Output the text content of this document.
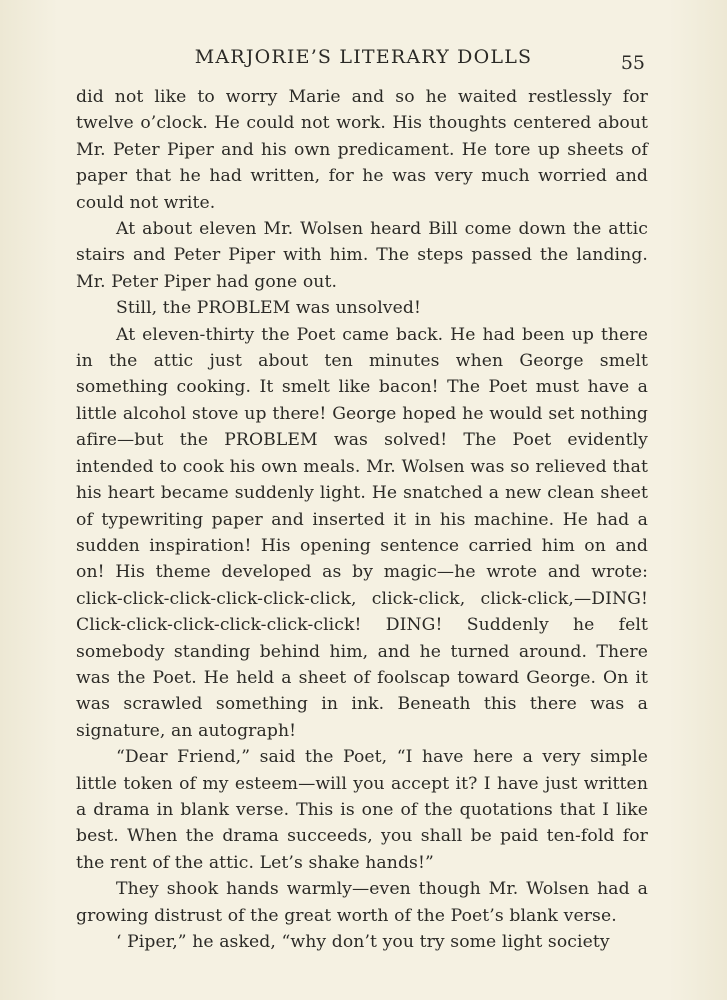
MARJORIE’S LITERARY DOLLS	55

did not like to worry Marie and so he waited restlessly for twelve o’clock. He could not work. His thoughts centered about Mr. Peter Piper and his own predicament. He tore up sheets of paper that he had written, for he was very much worried and could not write.

At about eleven Mr. Wolsen heard Bill come down the attic stairs and Peter Piper with him. The steps passed the landing. Mr. Peter Piper had gone out.

Still, the PROBLEM was unsolved!

At eleven-thirty the Poet came back. He had been up there in the attic just about ten minutes when George smelt something cooking. It smelt like bacon! The Poet must have a little alcohol stove up there! George hoped he would set nothing afire—but the PROBLEM was solved! The Poet evidently intended to cook his own meals. Mr. Wolsen was so relieved that his heart became suddenly light. He snatched a new clean sheet of typewriting paper and inserted it in his machine. He had a sudden inspiration! His opening sentence carried him on and on! His theme developed as by magic—he wrote and wrote: click-click-click-click-click-click, click-click, click-click,—DING! Click-click-click-click-click-click! DING! Suddenly he felt somebody standing behind him, and he turned around. There was the Poet. He held a sheet of foolscap toward George. On it was scrawled something in ink. Beneath this there was a signature, an autograph!

“Dear Friend,” said the Poet, “I have here a very simple little token of my esteem—will you accept it? I have just written a drama in blank verse. This is one of the quotations that I like best. When the drama succeeds, you shall be paid ten-fold for the rent of the attic. Let’s shake hands!”

They shook hands warmly—even though Mr. Wolsen had a growing distrust of the great worth of the Poet’s blank verse.

‘ Piper,” he asked, “why don’t you try some light society
